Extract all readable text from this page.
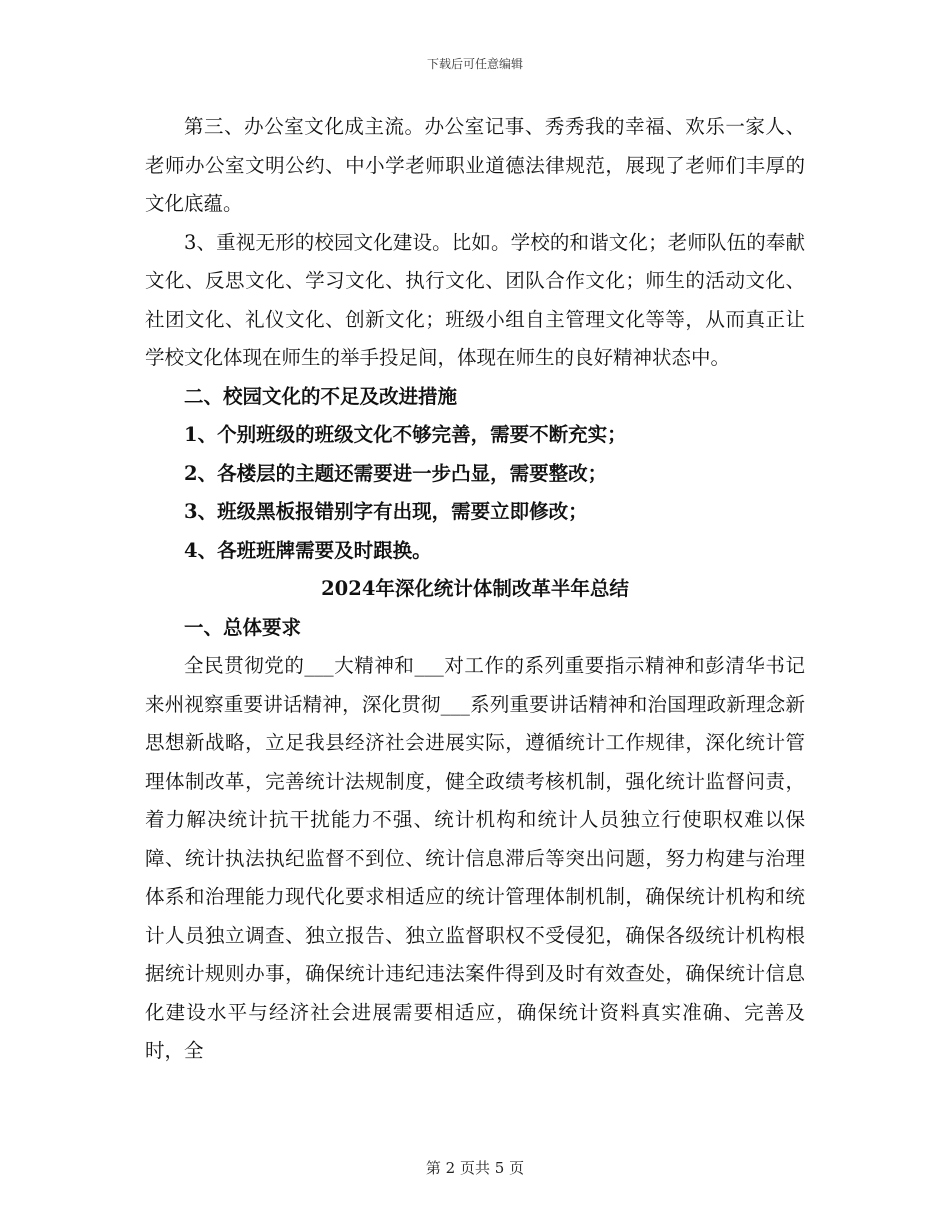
下载后可任意编辑

第三、办公室文化成主流。办公室记事、秀秀我的幸福、欢乐一家人、老师办公室文明公约、中小学老师职业道德法律规范，展现了老师们丰厚的文化底蕴。

3、重视无形的校园文化建设。比如。学校的和谐文化；老师队伍的奉献文化、反思文化、学习文化、执行文化、团队合作文化；师生的活动文化、社团文化、礼仪文化、创新文化；班级小组自主管理文化等等，从而真正让学校文化体现在师生的举手投足间，体现在师生的良好精神状态中。

二、校园文化的不足及改进措施

1、个别班级的班级文化不够完善，需要不断充实；

2、各楼层的主题还需要进一步凸显，需要整改；

3、班级黑板报错别字有出现，需要立即修改；

4、各班班牌需要及时跟换。

2024年深化统计体制改革半年总结

一、总体要求

全民贯彻党的___大精神和___对工作的系列重要指示精神和彭清华书记来州视察重要讲话精神，深化贯彻___系列重要讲话精神和治国理政新理念新思想新战略，立足我县经济社会进展实际，遵循统计工作规律，深化统计管理体制改革，完善统计法规制度，健全政绩考核机制，强化统计监督问责，着力解决统计抗干扰能力不强、统计机构和统计人员独立行使职权难以保障、统计执法执纪监督不到位、统计信息滞后等突出问题，努力构建与治理体系和治理能力现代化要求相适应的统计管理体制机制，确保统计机构和统计人员独立调查、独立报告、独立监督职权不受侵犯，确保各级统计机构根据统计规则办事，确保统计违纪违法案件得到及时有效查处，确保统计信息化建设水平与经济社会进展需要相适应，确保统计资料真实准确、完善及时，全

第 2 页共 5 页
